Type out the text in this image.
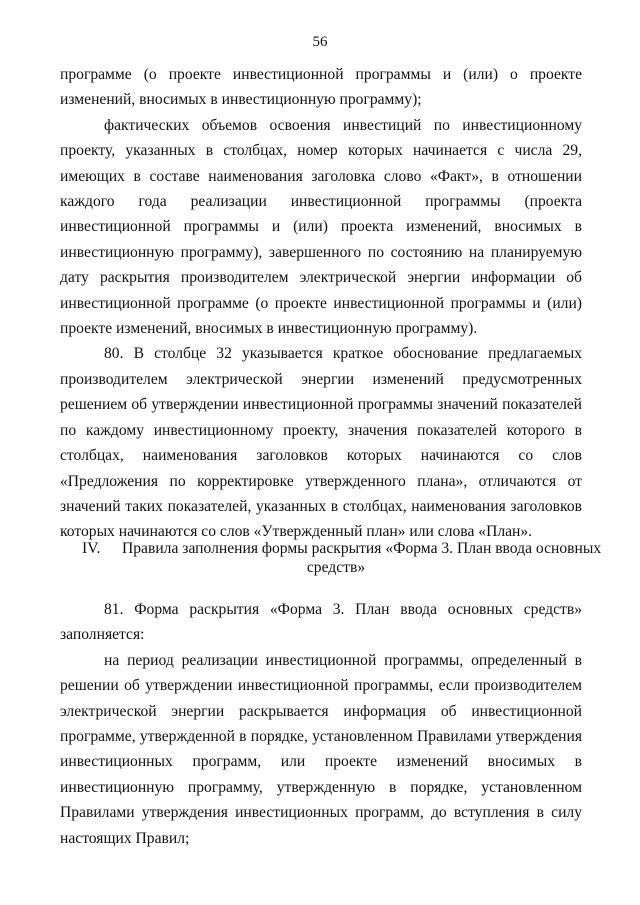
56

программе (о проекте инвестиционной программы и (или) о проекте изменений, вносимых в инвестиционную программу);

фактических объемов освоения инвестиций по инвестиционному проекту, указанных в столбцах, номер которых начинается с числа 29, имеющих в составе наименования заголовка слово «Факт», в отношении каждого года реализации инвестиционной программы (проекта инвестиционной программы и (или) проекта изменений, вносимых в инвестиционную программу), завершенного по состоянию на планируемую дату раскрытия производителем электрической энергии информации об инвестиционной программе (о проекте инвестиционной программы и (или) проекте изменений, вносимых в инвестиционную программу).

80. В столбце 32 указывается краткое обоснование предлагаемых производителем электрической энергии изменений предусмотренных решением об утверждении инвестиционной программы значений показателей по каждому инвестиционному проекту, значения показателей которого в столбцах, наименования заголовков которых начинаются со слов «Предложения по корректировке утвержденного плана», отличаются от значений таких показателей, указанных в столбцах, наименования заголовков которых начинаются со слов «Утвержденный план» или слова «План».

IV. Правила заполнения формы раскрытия «Форма 3. План ввода основных
средств»

81. Форма раскрытия «Форма 3. План ввода основных средств» заполняется:

на период реализации инвестиционной программы, определенный в решении об утверждении инвестиционной программы, если производителем электрической энергии раскрывается информация об инвестиционной программе, утвержденной в порядке, установленном Правилами утверждения инвестиционных программ, или проекте изменений вносимых в инвестиционную программу, утвержденную в порядке, установленном Правилами утверждения инвестиционных программ, до вступления в силу настоящих Правил;
